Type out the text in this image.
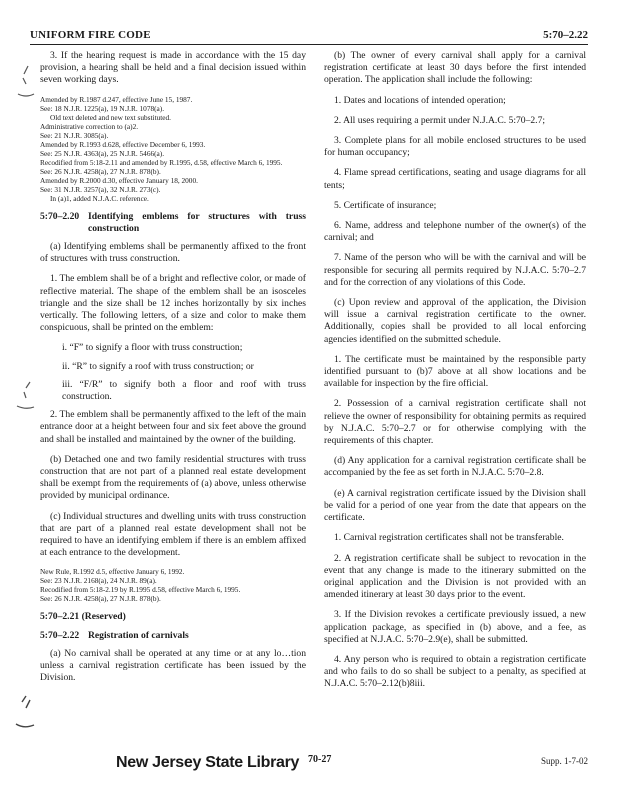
UNIFORM FIRE CODE	5:70–2.22

3. If the hearing request is made in accordance with the 15 day provision, a hearing shall be held and a final decision issued within seven working days.

Amended by R.1987 d.247, effective June 15, 1987.
See: 18 N.J.R. 1225(a), 19 N.J.R. 1078(a).
Old text deleted and new text substituted.
Administrative correction to (a)2.
See: 21 N.J.R. 3085(a).
Amended by R.1993 d.628, effective December 6, 1993.
See: 25 N.J.R. 4363(a), 25 N.J.R. 5466(a).
Recodified from 5:18-2.11 and amended by R.1995, d.58, effective March 6, 1995.
See: 26 N.J.R. 4258(a), 27 N.J.R. 878(b).
Amended by R.2000 d.30, effective January 18, 2000.
See: 31 N.J.R. 3257(a), 32 N.J.R. 273(c).
In (a)1, added N.J.A.C. reference.
5:70–2.20 Identifying emblems for structures with truss construction

(a) Identifying emblems shall be permanently affixed to the front of structures with truss construction.

1. The emblem shall be of a bright and reflective color, or made of reflective material. The shape of the emblem shall be an isosceles triangle and the size shall be 12 inches horizontally by six inches vertically. The following letters, of a size and color to make them conspicuous, shall be printed on the emblem:

i. “F” to signify a floor with truss construction;

ii. “R” to signify a roof with truss construction; or

iii. “F/R” to signify both a floor and roof with truss construction.

2. The emblem shall be permanently affixed to the left of the main entrance door at a height between four and six feet above the ground and shall be installed and maintained by the owner of the building.

(b) Detached one and two family residential structures with truss construction that are not part of a planned real estate development shall be exempt from the requirements of (a) above, unless otherwise provided by municipal ordinance.

(c) Individual structures and dwelling units with truss construction that are part of a planned real estate development shall not be required to have an identifying emblem if there is an emblem affixed at each entrance to the development.

New Rule, R.1992 d.5, effective January 6, 1992.
See: 23 N.J.R. 2168(a), 24 N.J.R. 89(a).
Recodified from 5:18-2.19 by R.1995 d.58, effective March 6, 1995.
See: 26 N.J.R. 4258(a), 27 N.J.R. 878(b).
5:70–2.21 (Reserved)
5:70–2.22 Registration of carnivals

(a) No carnival shall be operated at any time or at any lo…tion unless a carnival registration certificate has been issued by the Division.

(b) The owner of every carnival shall apply for a carnival registration certificate at least 30 days before the first intended operation. The application shall include the following:

1. Dates and locations of intended operation;

2. All uses requiring a permit under N.J.A.C. 5:70–2.7;

3. Complete plans for all mobile enclosed structures to be used for human occupancy;

4. Flame spread certifications, seating and usage diagrams for all tents;

5. Certificate of insurance;

6. Name, address and telephone number of the owner(s) of the carnival; and

7. Name of the person who will be with the carnival and will be responsible for securing all permits required by N.J.A.C. 5:70–2.7 and for the correction of any violations of this Code.

(c) Upon review and approval of the application, the Division will issue a carnival registration certificate to the owner. Additionally, copies shall be provided to all local enforcing agencies identified on the submitted schedule.

1. The certificate must be maintained by the responsible party identified pursuant to (b)7 above at all show locations and be available for inspection by the fire official.

2. Possession of a carnival registration certificate shall not relieve the owner of responsibility for obtaining permits as required by N.J.A.C. 5:70–2.7 or for otherwise complying with the requirements of this chapter.

(d) Any application for a carnival registration certificate shall be accompanied by the fee as set forth in N.J.A.C. 5:70–2.8.

(e) A carnival registration certificate issued by the Division shall be valid for a period of one year from the date that appears on the certificate.

1. Carnival registration certificates shall not be transferable.

2. A registration certificate shall be subject to revocation in the event that any change is made to the itinerary submitted on the original application and the Division is not provided with an amended itinerary at least 30 days prior to the event.

3. If the Division revokes a certificate previously issued, a new application package, as specified in (b) above, and a fee, as specified at N.J.A.C. 5:70–2.9(e), shall be submitted.

4. Any person who is required to obtain a registration certificate and who fails to do so shall be subject to a penalty, as specified at N.J.A.C. 5:70–2.12(b)8iii.

New Jersey State Library 70-27	Supp. 1-7-02
